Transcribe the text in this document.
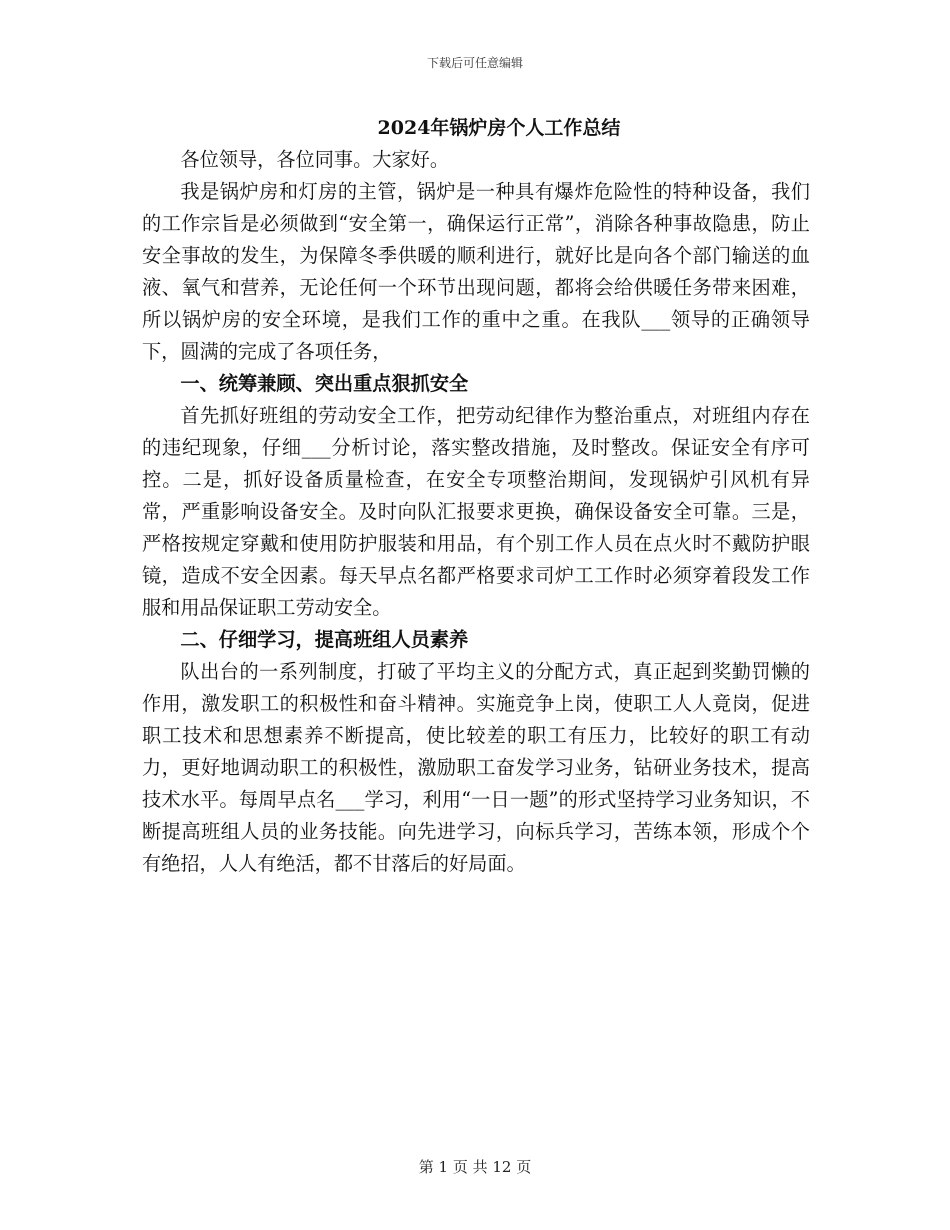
下载后可任意编辑

2024年锅炉房个人工作总结

各位领导，各位同事。大家好。

我是锅炉房和灯房的主管，锅炉是一种具有爆炸危险性的特种设备，我们的工作宗旨是必须做到“安全第一，确保运行正常”，消除各种事故隐患，防止安全事故的发生，为保障冬季供暖的顺利进行，就好比是向各个部门输送的血液、氧气和营养，无论任何一个环节出现问题，都将会给供暖任务带来困难，所以锅炉房的安全环境，是我们工作的重中之重。在我队___领导的正确领导下，圆满的完成了各项任务，

一、统筹兼顾、突出重点狠抓安全

首先抓好班组的劳动安全工作，把劳动纪律作为整治重点，对班组内存在的违纪现象，仔细___分析讨论，落实整改措施，及时整改。保证安全有序可控。二是，抓好设备质量检查，在安全专项整治期间，发现锅炉引风机有异常，严重影响设备安全。及时向队汇报要求更换，确保设备安全可靠。三是，严格按规定穿戴和使用防护服装和用品，有个别工作人员在点火时不戴防护眼镜，造成不安全因素。每天早点名都严格要求司炉工工作时必须穿着段发工作服和用品保证职工劳动安全。

二、仔细学习，提高班组人员素养

队出台的一系列制度，打破了平均主义的分配方式，真正起到奖勤罚懒的作用，激发职工的积极性和奋斗精神。实施竞争上岗，使职工人人竟岗，促进职工技术和思想素养不断提高，使比较差的职工有压力，比较好的职工有动力，更好地调动职工的积极性，激励职工奋发学习业务，钻研业务技术，提高技术水平。每周早点名___学习，利用“一日一题”的形式坚持学习业务知识，不断提高班组人员的业务技能。向先进学习，向标兵学习，苦练本领，形成个个有绝招，人人有绝活，都不甘落后的好局面。

第 1 页 共 12 页
